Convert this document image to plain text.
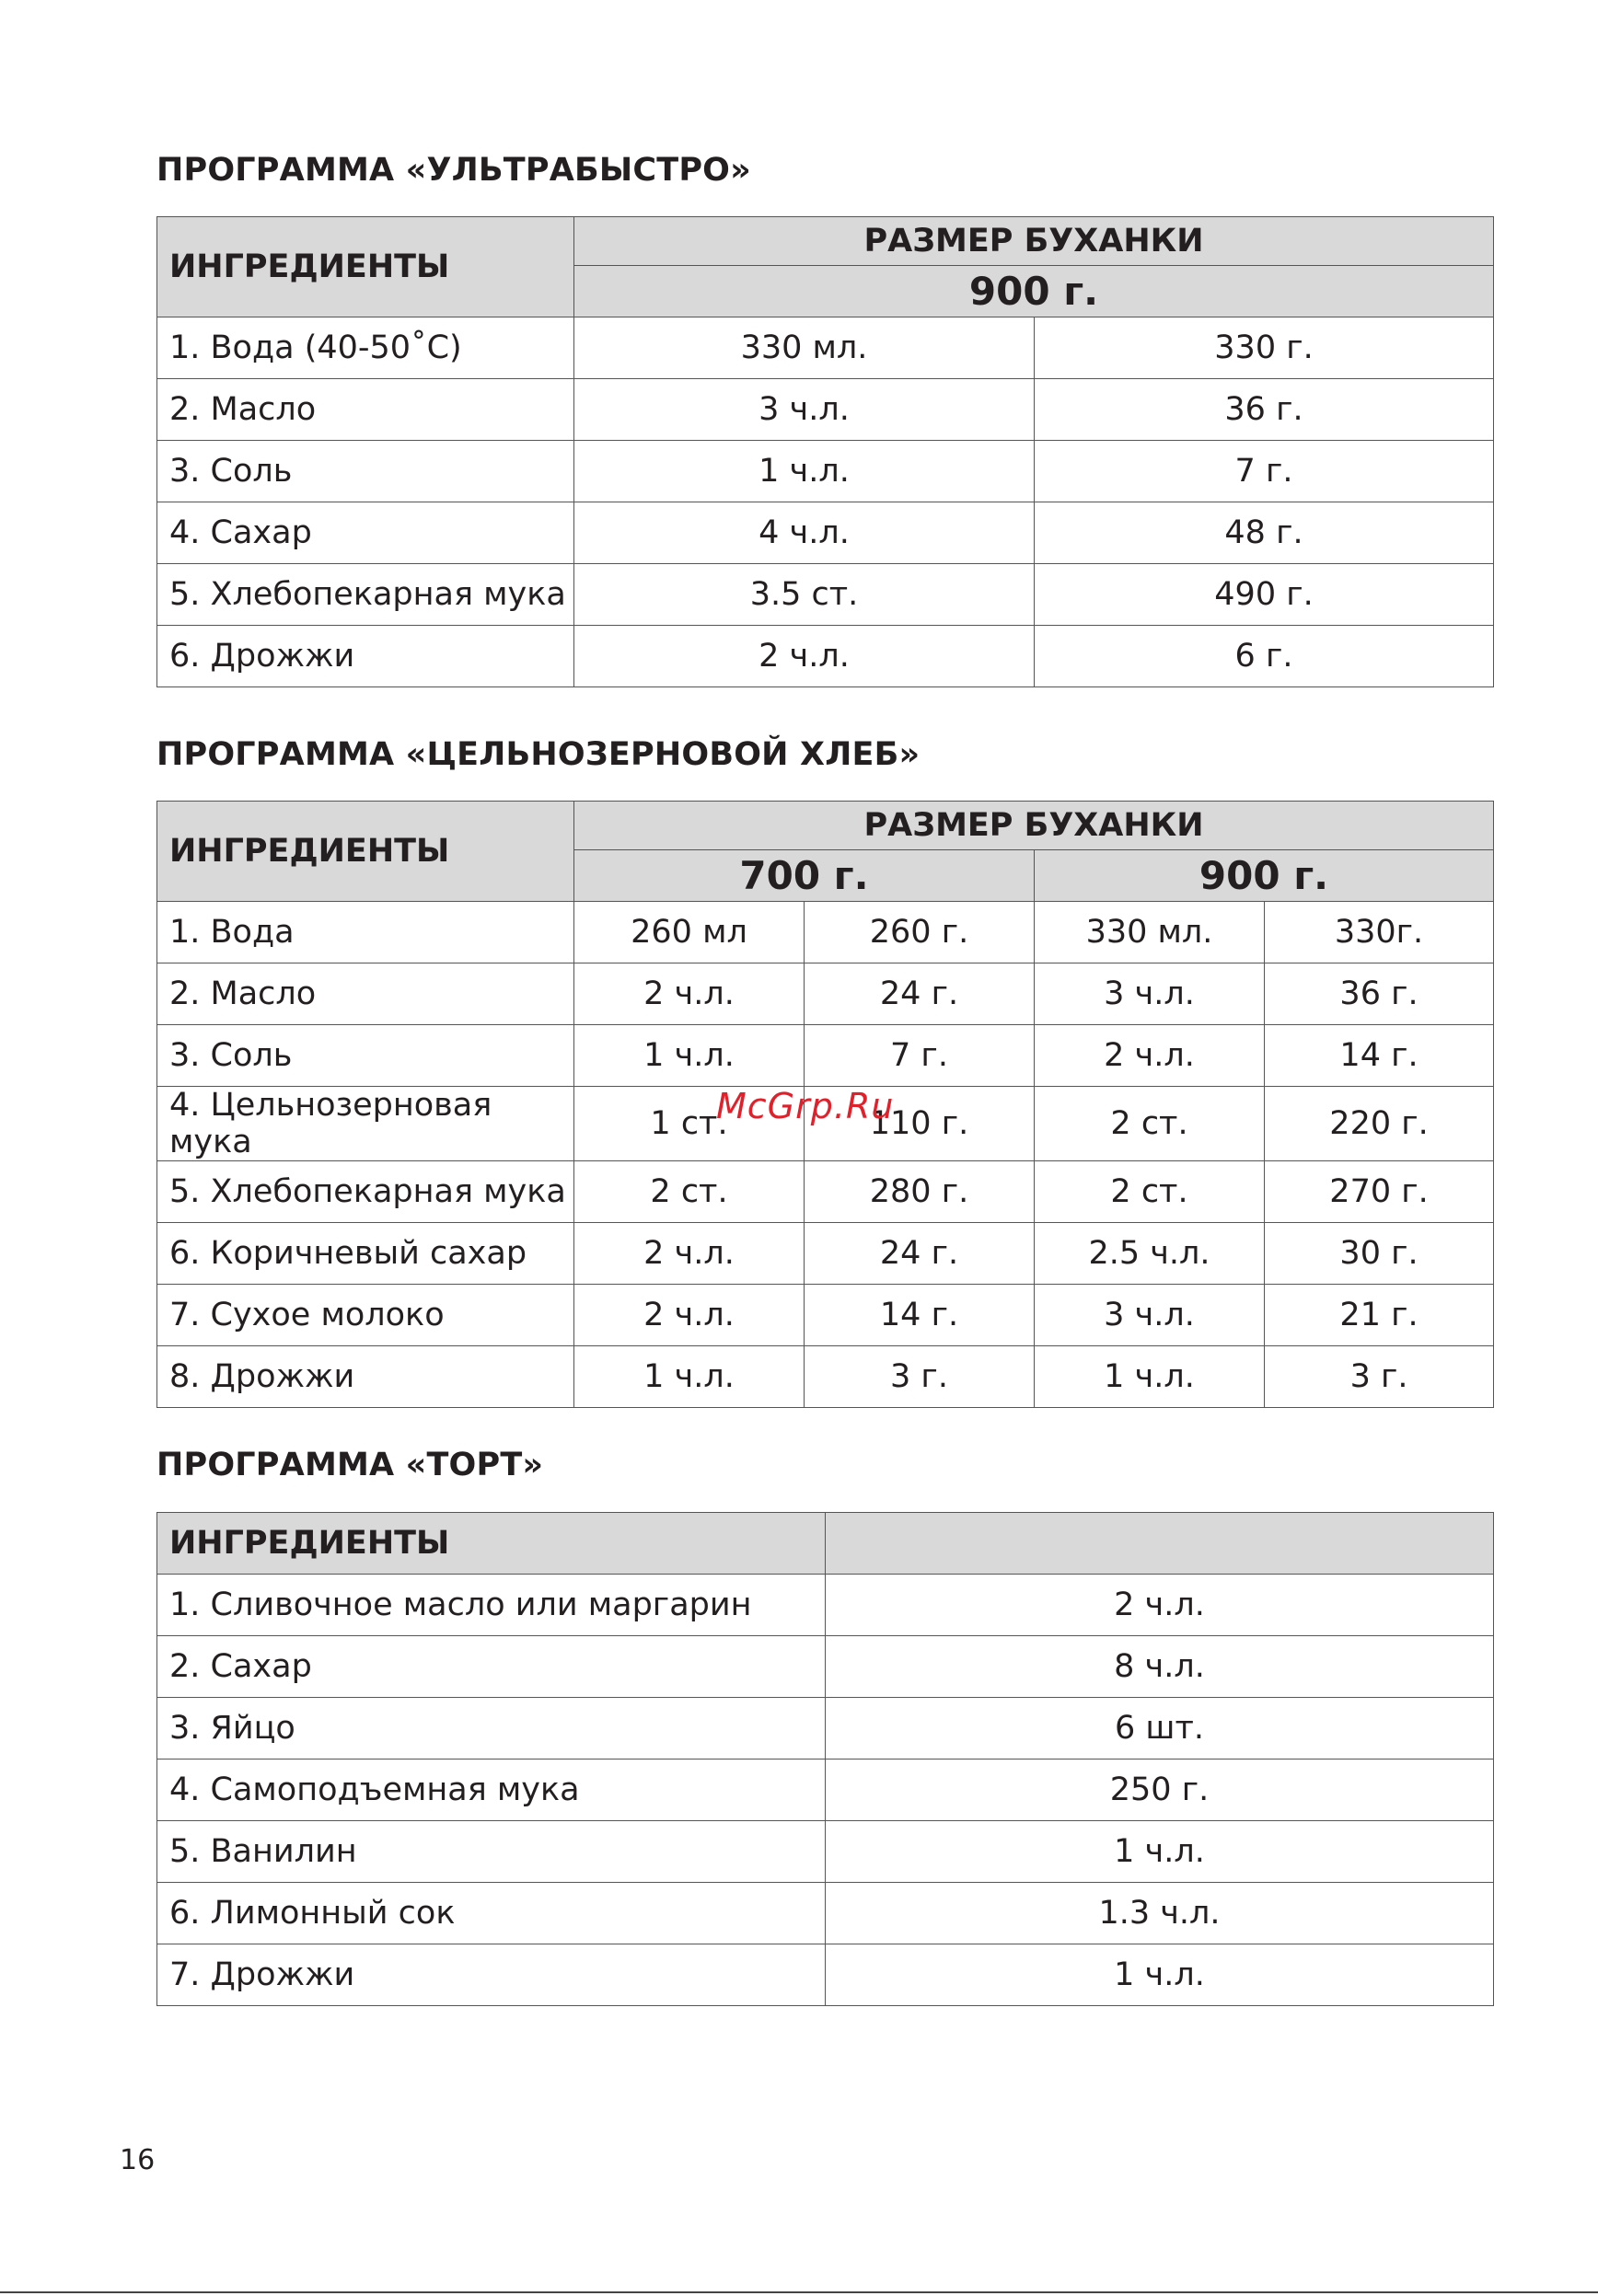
ПРОГРАММА «УЛЬТРАБЫСТРО»
ИНГРЕДИЕНТЫ	РАЗМЕР БУХАНКИ	
	900 г.	
1. Вода (40-50˚С)	330 мл.	330 г.
2. Масло	3 ч.л.	36 г.
3. Соль	1 ч.л.	7 г.
4. Сахар	4 ч.л.	48 г.
5. Хлебопекарная мука	3.5 ст.	490 г.
6. Дрожжи	2 ч.л.	6 г.
ПРОГРАММА «ЦЕЛЬНОЗЕРНОВОЙ ХЛЕБ»
ИНГРЕДИЕНТЫ	РАЗМЕР БУХАНКИ			
	700 г.		900 г.	
1. Вода	260 мл	260 г.	330 мл.	330г.
2. Масло	2 ч.л.	24 г.	3 ч.л.	36 г.
3. Соль	1 ч.л.	7 г.	2 ч.л.	14 г.
4. Цельнозерновая мука	1 ст.	110 г.	2 ст.	220 г.
5. Хлебопекарная мука	2 ст.	280 г.	2 ст.	270 г.
6. Коричневый сахар	2 ч.л.	24 г.	2.5 ч.л.	30 г.
7. Сухое молоко	2 ч.л.	14 г.	3 ч.л.	21 г.
8. Дрожжи	1 ч.л.	3 г.	1 ч.л.	3 г.
ПРОГРАММА «ТОРТ»
ИНГРЕДИЕНТЫ	
1. Сливочное масло или маргарин	2 ч.л.
2. Сахар	8 ч.л.
3. Яйцо	6 шт.
4. Самоподъемная мука	250 г.
5. Ванилин	1 ч.л.
6. Лимонный сок	1.3 ч.л.
7. Дрожжи	1 ч.л.

McGrp.Ru

16
